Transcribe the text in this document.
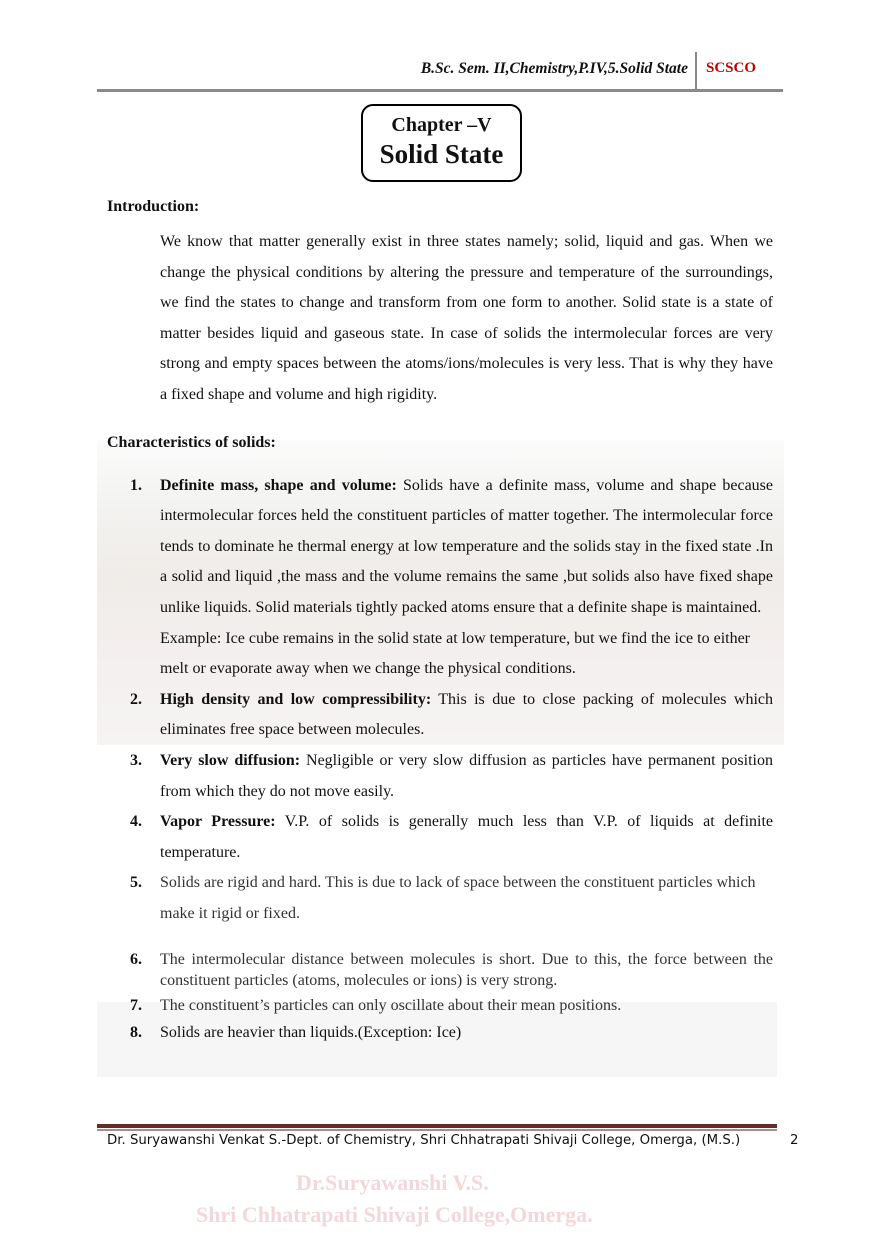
B.Sc. Sem. II,Chemistry,P.IV,5.Solid State SCSCO
Chapter –V
Solid State
Introduction:
We know that matter generally exist in three states namely; solid, liquid and gas. When we change the physical conditions by altering the pressure and temperature of the surroundings, we find the states to change and transform from one form to another. Solid state is a state of matter besides liquid and gaseous state. In case of solids the intermolecular forces are very strong and empty spaces between the atoms/ions/molecules is very less. That is why they have a fixed shape and volume and high rigidity.
Characteristics of solids:
1.	Definite mass, shape and volume: Solids have a definite mass, volume and shape because intermolecular forces held the constituent particles of matter together. The intermolecular force tends to dominate he thermal energy at low temperature and the solids stay in the fixed state .In a solid and liquid ,the mass and the volume remains the same ,but solids also have fixed shape unlike liquids. Solid materials tightly packed atoms ensure that a definite shape is maintained.
Example: Ice cube remains in the solid state at low temperature, but we find the ice to either melt or evaporate away when we change the physical conditions.
2.	High density and low compressibility: This is due to close packing of molecules which eliminates free space between molecules.
3.	Very slow diffusion: Negligible or very slow diffusion as particles have permanent position from which they do not move easily.
4.	Vapor Pressure: V.P. of solids is generally much less than V.P. of liquids at definite temperature.
5.	Solids are rigid and hard. This is due to lack of space between the constituent particles which make it rigid or fixed.
6.	The intermolecular distance between molecules is short. Due to this, the force between the constituent particles (atoms, molecules or ions) is very strong.
7.	The constituent’s particles can only oscillate about their mean positions.
8.	Solids are heavier than liquids.(Exception: Ice)
Dr. Suryawanshi Venkat S.-Dept. of Chemistry, Shri Chhatrapati Shivaji College, Omerga, (M.S.)	2
Dr.Suryawanshi V.S.
Shri Chhatrapati Shivaji College,Omerga.
